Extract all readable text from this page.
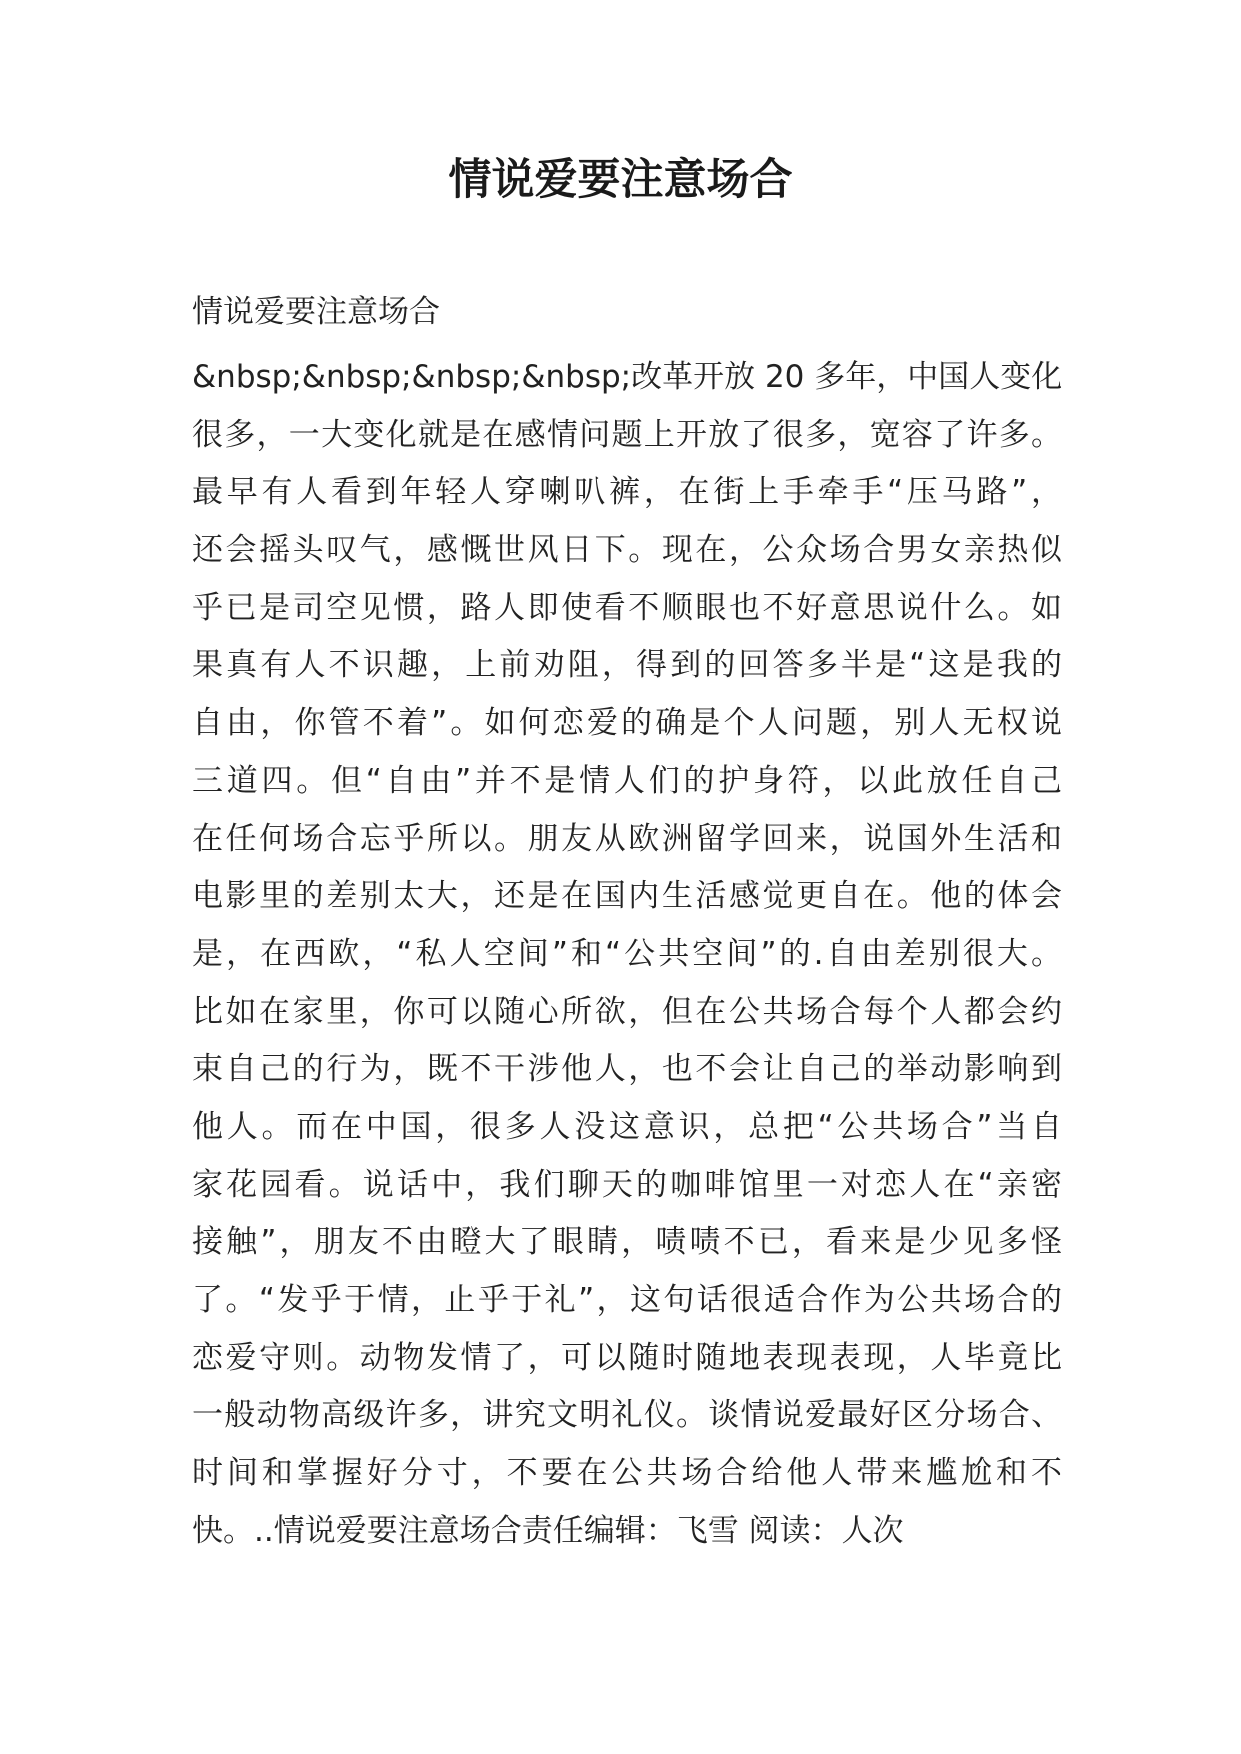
情说爱要注意场合

情说爱要注意场合

&nbsp;&nbsp;&nbsp;&nbsp;改革开放 20 多年，中国人变化
很多，一大变化就是在感情问题上开放了很多，宽容了许多。
最早有人看到年轻人穿喇叭裤，在街上手牵手“压马路”，
还会摇头叹气，感慨世风日下。现在，公众场合男女亲热似
乎已是司空见惯，路人即使看不顺眼也不好意思说什么。如
果真有人不识趣，上前劝阻，得到的回答多半是“这是我的
自由，你管不着”。如何恋爱的确是个人问题，别人无权说
三道四。但“自由”并不是情人们的护身符，以此放任自己
在任何场合忘乎所以。朋友从欧洲留学回来，说国外生活和
电影里的差别太大，还是在国内生活感觉更自在。他的体会
是，在西欧，“私人空间”和“公共空间”的.自由差别很大。
比如在家里，你可以随心所欲，但在公共场合每个人都会约
束自己的行为，既不干涉他人，也不会让自己的举动影响到
他人。而在中国，很多人没这意识，总把“公共场合”当自
家花园看。说话中，我们聊天的咖啡馆里一对恋人在“亲密
接触”，朋友不由瞪大了眼睛，啧啧不已，看来是少见多怪
了。“发乎于情，止乎于礼”，这句话很适合作为公共场合的
恋爱守则。动物发情了，可以随时随地表现表现，人毕竟比
一般动物高级许多，讲究文明礼仪。谈情说爱最好区分场合、
时间和掌握好分寸，不要在公共场合给他人带来尴尬和不
快。..情说爱要注意场合责任编辑：飞雪 阅读：人次
